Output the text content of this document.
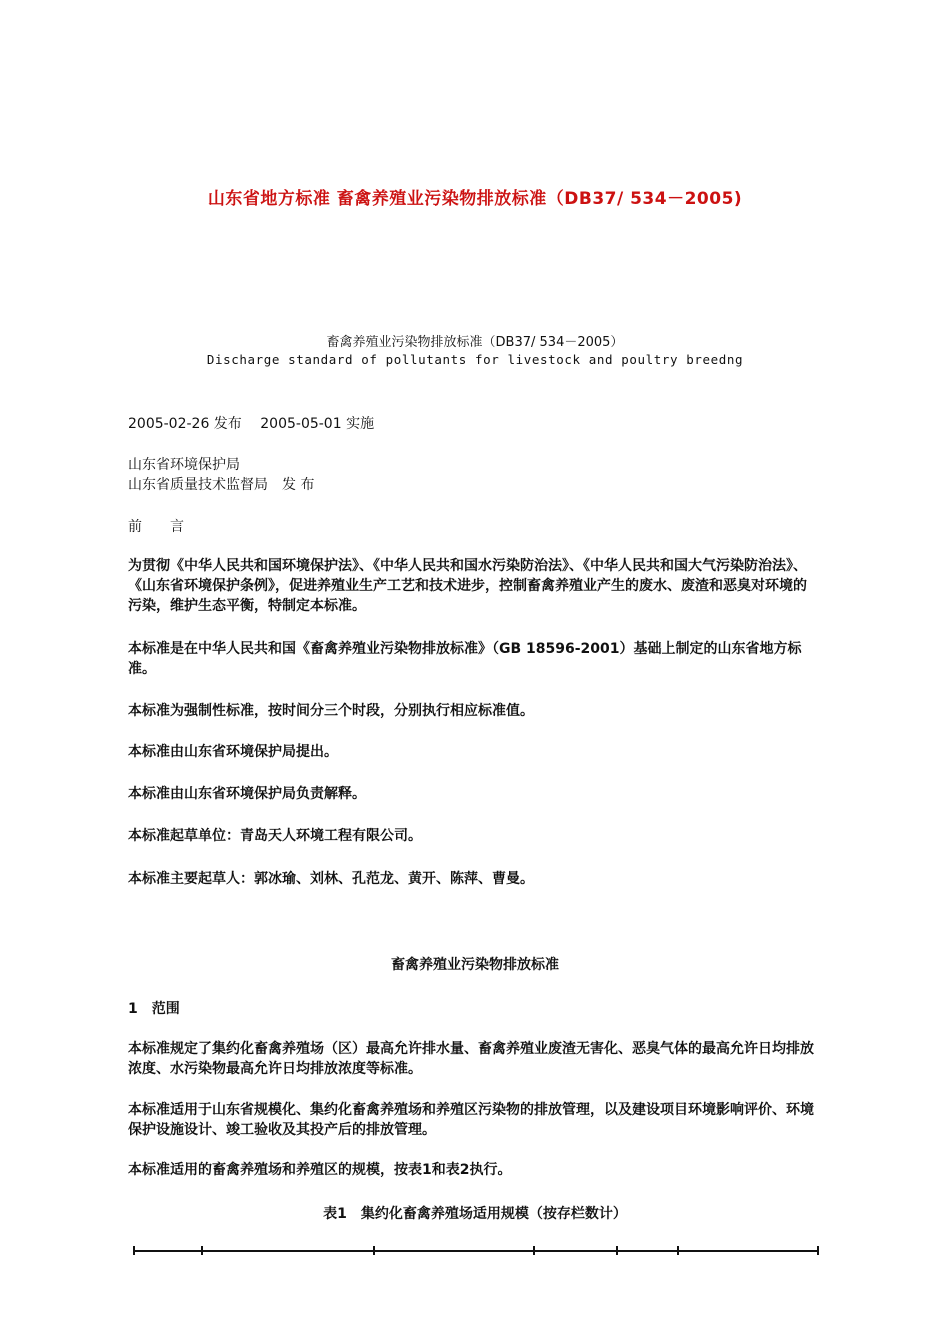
山东省地方标准 畜禽养殖业污染物排放标准（DB37/ 534－2005)
畜禽养殖业污染物排放标准（DB37/ 534－2005）
Discharge standard of pollutants for livestock and poultry breedng
2005-02-26 发布　 2005-05-01 实施
山东省环境保护局
山东省质量技术监督局　发 布
前　　言
为贯彻《中华人民共和国环境保护法》、《中华人民共和国水污染防治法》、《中华人民共和国大气污染防治法》、《山东省环境保护条例》，促进养殖业生产工艺和技术进步，控制畜禽养殖业产生的废水、废渣和恶臭对环境的污染，维护生态平衡，特制定本标准。
本标准是在中华人民共和国《畜禽养殖业污染物排放标准》（GB 18596-2001）基础上制定的山东省地方标准。
本标准为强制性标准，按时间分三个时段，分别执行相应标准值。
本标准由山东省环境保护局提出。
本标准由山东省环境保护局负责解释。
本标准起草单位：青岛天人环境工程有限公司。
本标准主要起草人：郭冰瑜、刘林、孔范龙、黄开、陈萍、曹曼。
畜禽养殖业污染物排放标准
1　范围
本标准规定了集约化畜禽养殖场（区）最高允许排水量、畜禽养殖业废渣无害化、恶臭气体的最高允许日均排放浓度、水污染物最高允许日均排放浓度等标准。
本标准适用于山东省规模化、集约化畜禽养殖场和养殖区污染物的排放管理，以及建设项目环境影响评价、环境保护设施设计、竣工验收及其投产后的排放管理。
本标准适用的畜禽养殖场和养殖区的规模，按表1和表2执行。
表1　集约化畜禽养殖场适用规模（按存栏数计）
